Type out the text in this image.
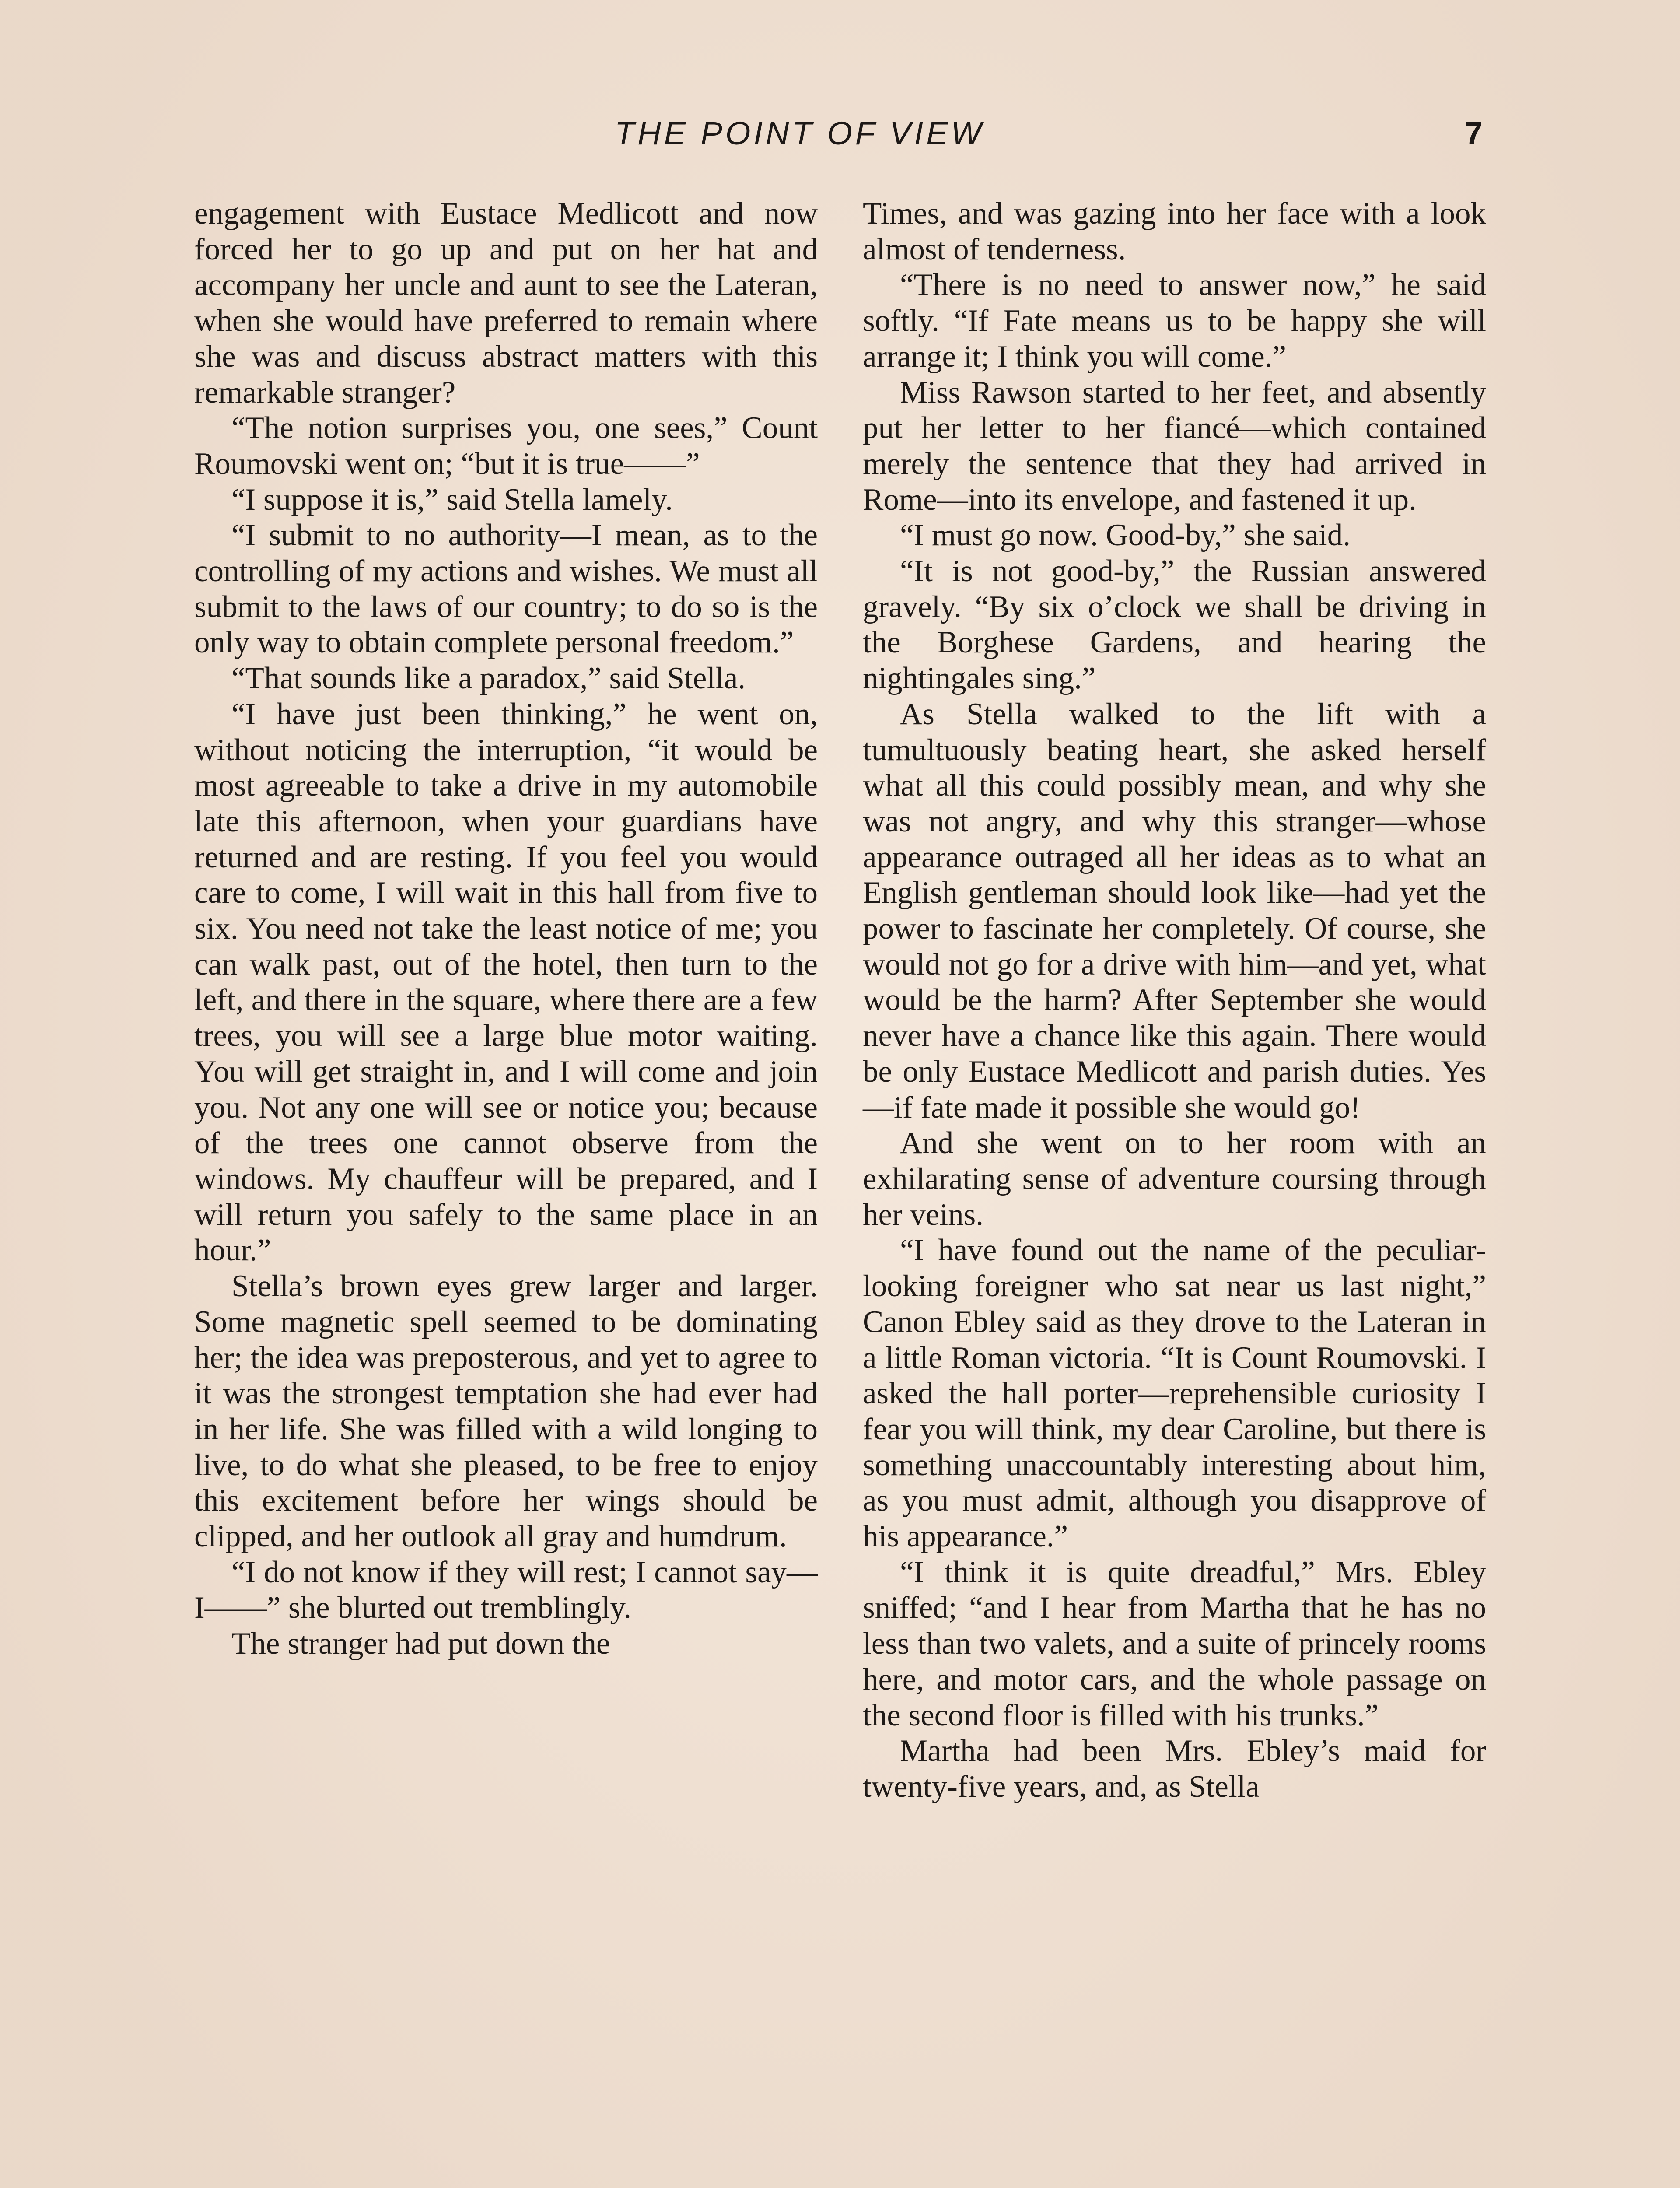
THE POINT OF VIEW	7

engagement with Eustace Medlicott and now forced her to go up and put on her hat and accompany her uncle and aunt to see the Lateran, when she would have preferred to remain where she was and discuss abstract matters with this remarkable stranger?

“The notion surprises you, one sees,” Count Roumovski went on; “but it is true——”

“I suppose it is,” said Stella lamely.

“I submit to no authority—I mean, as to the controlling of my actions and wishes. We must all submit to the laws of our country; to do so is the only way to obtain complete personal freedom.”

“That sounds like a paradox,” said Stella.

“I have just been thinking,” he went on, without noticing the interruption, “it would be most agreeable to take a drive in my automobile late this afternoon, when your guardians have returned and are resting. If you feel you would care to come, I will wait in this hall from five to six. You need not take the least notice of me; you can walk past, out of the hotel, then turn to the left, and there in the square, where there are a few trees, you will see a large blue motor waiting. You will get straight in, and I will come and join you. Not any one will see or notice you; because of the trees one cannot observe from the windows. My chauffeur will be prepared, and I will return you safely to the same place in an hour.”

Stella’s brown eyes grew larger and larger. Some magnetic spell seemed to be dominating her; the idea was preposterous, and yet to agree to it was the strongest temptation she had ever had in her life. She was filled with a wild longing to live, to do what she pleased, to be free to enjoy this excitement before her wings should be clipped, and her outlook all gray and humdrum.

“I do not know if they will rest; I cannot say—I——” she blurted out tremblingly.

The stranger had put down the

Times, and was gazing into her face with a look almost of tenderness.

“There is no need to answer now,” he said softly. “If Fate means us to be happy she will arrange it; I think you will come.”

Miss Rawson started to her feet, and absently put her letter to her fiancé—which contained merely the sentence that they had arrived in Rome—into its envelope, and fastened it up.

“I must go now. Good-by,” she said.

“It is not good-by,” the Russian answered gravely. “By six o’clock we shall be driving in the Borghese Gardens, and hearing the nightingales sing.”

As Stella walked to the lift with a tumultuously beating heart, she asked herself what all this could possibly mean, and why she was not angry, and why this stranger—whose appearance outraged all her ideas as to what an English gentleman should look like—had yet the power to fascinate her completely. Of course, she would not go for a drive with him—and yet, what would be the harm? After September she would never have a chance like this again. There would be only Eustace Medlicott and parish duties. Yes—if fate made it possible she would go!

And she went on to her room with an exhilarating sense of adventure coursing through her veins.

“I have found out the name of the peculiar-looking foreigner who sat near us last night,” Canon Ebley said as they drove to the Lateran in a little Roman victoria. “It is Count Roumovski. I asked the hall porter—reprehensible curiosity I fear you will think, my dear Caroline, but there is something unaccountably interesting about him, as you must admit, although you disapprove of his appearance.”

“I think it is quite dreadful,” Mrs. Ebley sniffed; “and I hear from Martha that he has no less than two valets, and a suite of princely rooms here, and motor cars, and the whole passage on the second floor is filled with his trunks.”

Martha had been Mrs. Ebley’s maid for twenty-five years, and, as Stella
